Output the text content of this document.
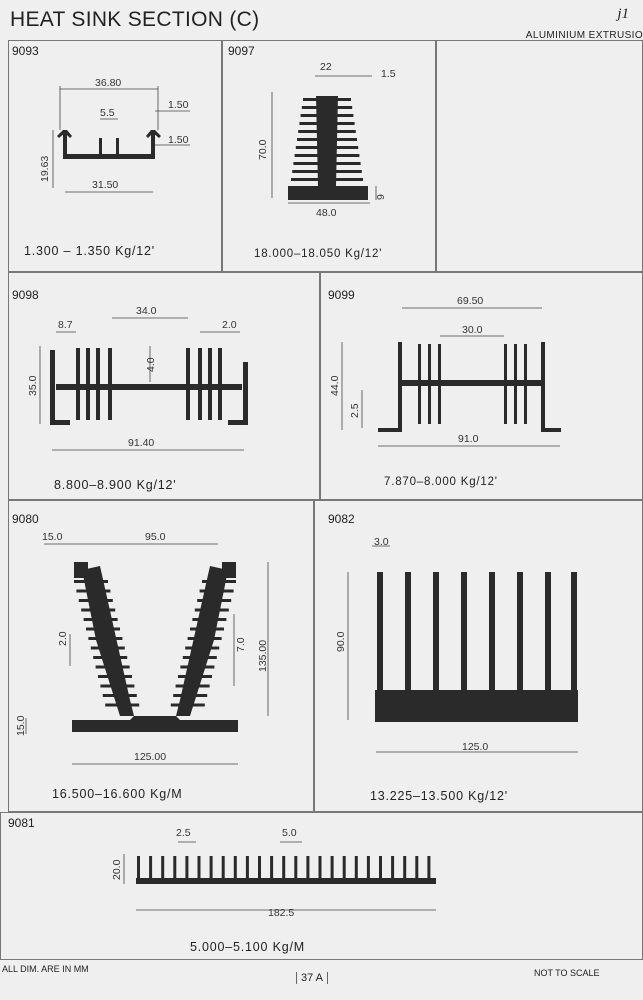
HEAT SINK SECTION (C)	j1
ALUMINIUM EXTRUSIO
9093	9097
9098	9099
9080	9082
9081
1.300 – 1.350 Kg/12'	18.000–18.050 Kg/12'
8.800–8.900 Kg/12'	7.870–8.000 Kg/12'
16.500–16.600 Kg/M	13.225–13.500 Kg/12'
5.000–5.100 Kg/M
36.80
5.5
1.50
1.50
19.63
31.50
22
1.5
70.0
9
48.0
8.7
34.0
2.0
4.0
35.0
91.40
69.50
30.0
44.0
2.5
91.0
15.0	95.0
2.0	7.0 135.00
15.0
125.00
3.0
90.0
125.0
2.5	5.0
20.0
182.5
ALL DIM. ARE IN MM
37 A	NOT TO SCALE
